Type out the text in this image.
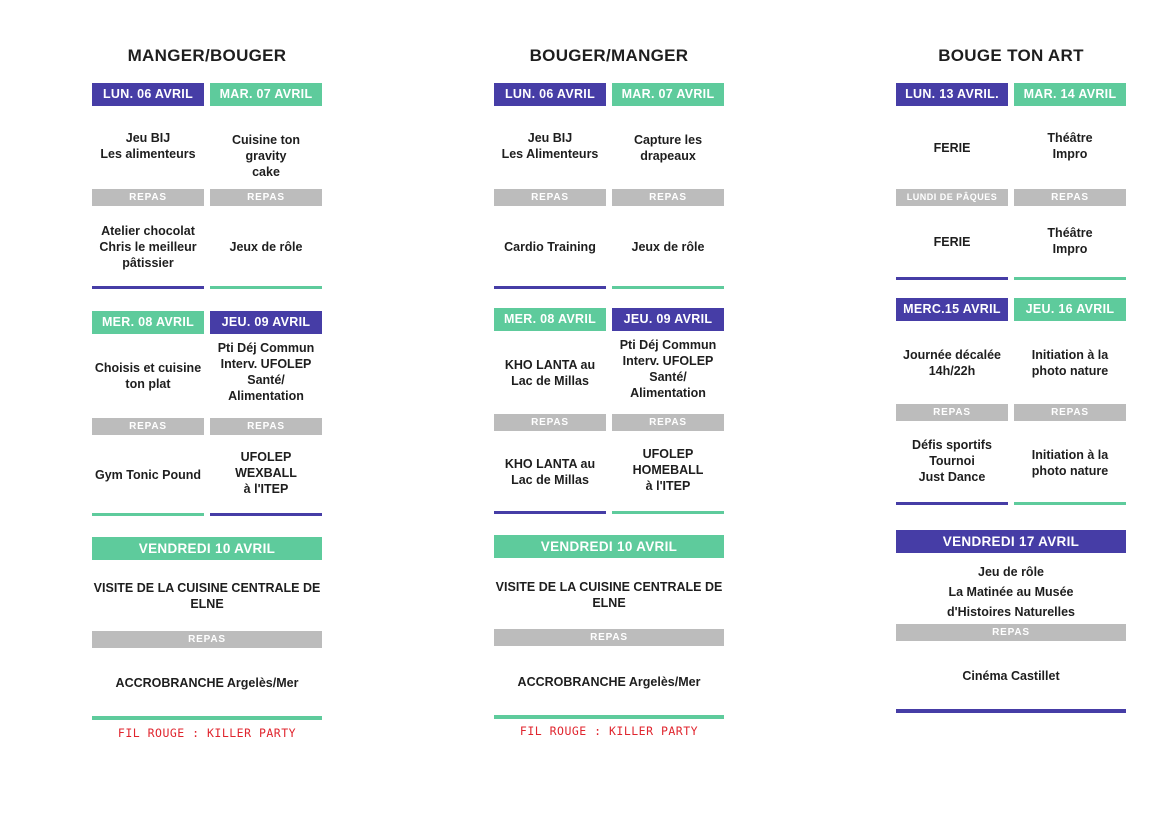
MANGER/BOUGER
LUN. 06 AVRIL
Jeu BIJ
Les alimenteurs
REPAS
Atelier chocolat
Chris le meilleur
pâtissier
MAR. 07 AVRIL
Cuisine ton gravity
cake
REPAS
Jeux de rôle
MER. 08 AVRIL
Choisis et cuisine
ton plat
REPAS
Gym Tonic Pound
JEU. 09 AVRIL
Pti Déj Commun
Interv. UFOLEP
Santé/
Alimentation
REPAS
UFOLEP
WEXBALL
à l'ITEP
VENDREDI 10 AVRIL
VISITE DE LA CUISINE CENTRALE DE
ELNE
REPAS
ACCROBRANCHE Argelès/Mer
FIL ROUGE : KILLER PARTY
BOUGER/MANGER
LUN. 06 AVRIL
Jeu BIJ
Les Alimenteurs
REPAS
Cardio Training
MAR. 07 AVRIL
Capture les
drapeaux
REPAS
Jeux de rôle
MER. 08 AVRIL
KHO LANTA au
Lac de Millas
REPAS
KHO LANTA au
Lac de Millas
JEU. 09 AVRIL
Pti Déj Commun
Interv. UFOLEP
Santé/
Alimentation
REPAS
UFOLEP
HOMEBALL
à l'ITEP
VENDREDI 10 AVRIL
VISITE DE LA CUISINE CENTRALE DE
ELNE
REPAS
ACCROBRANCHE Argelès/Mer
FIL ROUGE : KILLER PARTY
BOUGE TON ART
LUN. 13 AVRIL.
FERIE
LUNDI DE PÂQUES
FERIE
MAR. 14 AVRIL
Théâtre
Impro
REPAS
Théâtre
Impro
MERC.15 AVRIL
Journée décalée
14h/22h
REPAS
Défis sportifs
Tournoi
Just Dance
JEU. 16 AVRIL
Initiation à la
photo nature
REPAS
Initiation à la
photo nature
VENDREDI 17 AVRIL
Jeu de rôle
La Matinée au Musée
d'Histoires Naturelles
REPAS
Cinéma Castillet
